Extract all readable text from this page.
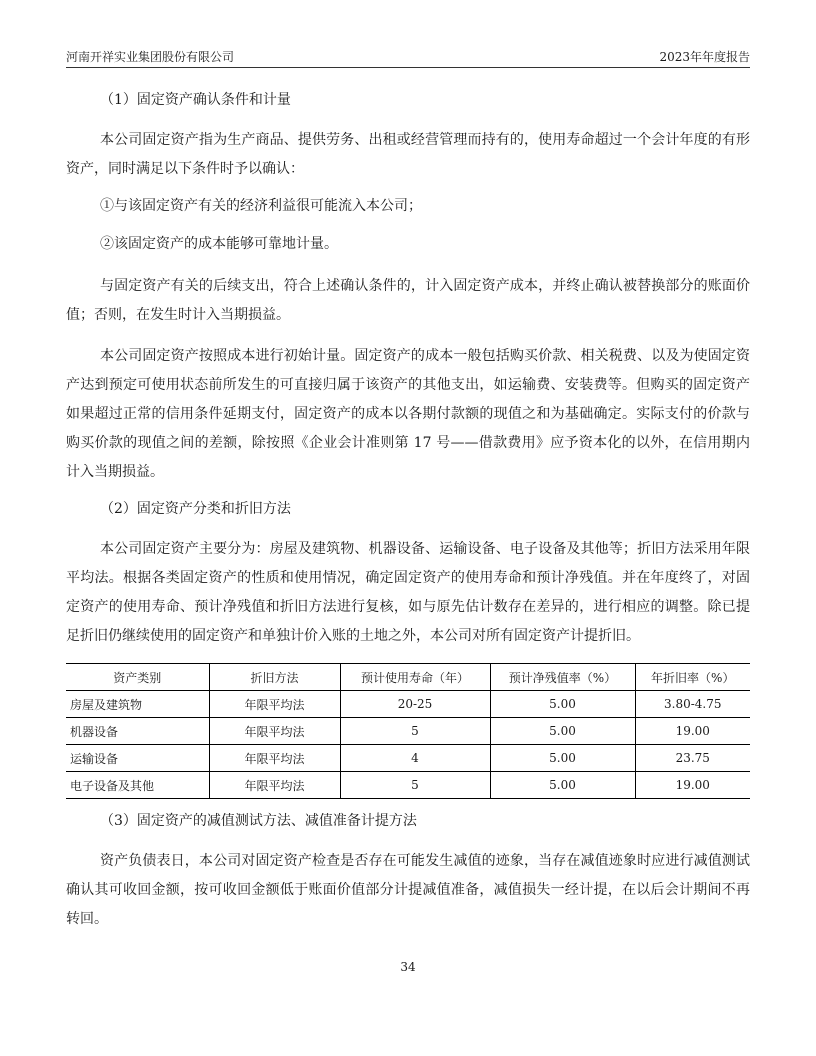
河南开祥实业集团股份有限公司	2023年年度报告

（1）固定资产确认条件和计量

本公司固定资产指为生产商品、提供劳务、出租或经营管理而持有的，使用寿命超过一个会计年度的有形资产，同时满足以下条件时予以确认：

①与该固定资产有关的经济利益很可能流入本公司；

②该固定资产的成本能够可靠地计量。

与固定资产有关的后续支出，符合上述确认条件的，计入固定资产成本，并终止确认被替换部分的账面价值；否则，在发生时计入当期损益。

本公司固定资产按照成本进行初始计量。固定资产的成本一般包括购买价款、相关税费、以及为使固定资产达到预定可使用状态前所发生的可直接归属于该资产的其他支出，如运输费、安装费等。但购买的固定资产如果超过正常的信用条件延期支付，固定资产的成本以各期付款额的现值之和为基础确定。实际支付的价款与购买价款的现值之间的差额，除按照《企业会计准则第 17 号——借款费用》应予资本化的以外，在信用期内计入当期损益。

（2）固定资产分类和折旧方法

本公司固定资产主要分为：房屋及建筑物、机器设备、运输设备、电子设备及其他等；折旧方法采用年限平均法。根据各类固定资产的性质和使用情况，确定固定资产的使用寿命和预计净残值。并在年度终了，对固定资产的使用寿命、预计净残值和折旧方法进行复核，如与原先估计数存在差异的，进行相应的调整。除已提足折旧仍继续使用的固定资产和单独计价入账的土地之外，本公司对所有固定资产计提折旧。

资产类别	折旧方法	预计使用寿命（年）	预计净残值率（%）	年折旧率（%）
房屋及建筑物	年限平均法	20-25	5.00	3.80-4.75
机器设备	年限平均法	5	5.00	19.00
运输设备	年限平均法	4	5.00	23.75
电子设备及其他	年限平均法	5	5.00	19.00

（3）固定资产的减值测试方法、减值准备计提方法

资产负债表日，本公司对固定资产检查是否存在可能发生减值的迹象，当存在减值迹象时应进行减值测试确认其可收回金额，按可收回金额低于账面价值部分计提减值准备，减值损失一经计提，在以后会计期间不再转回。

34
